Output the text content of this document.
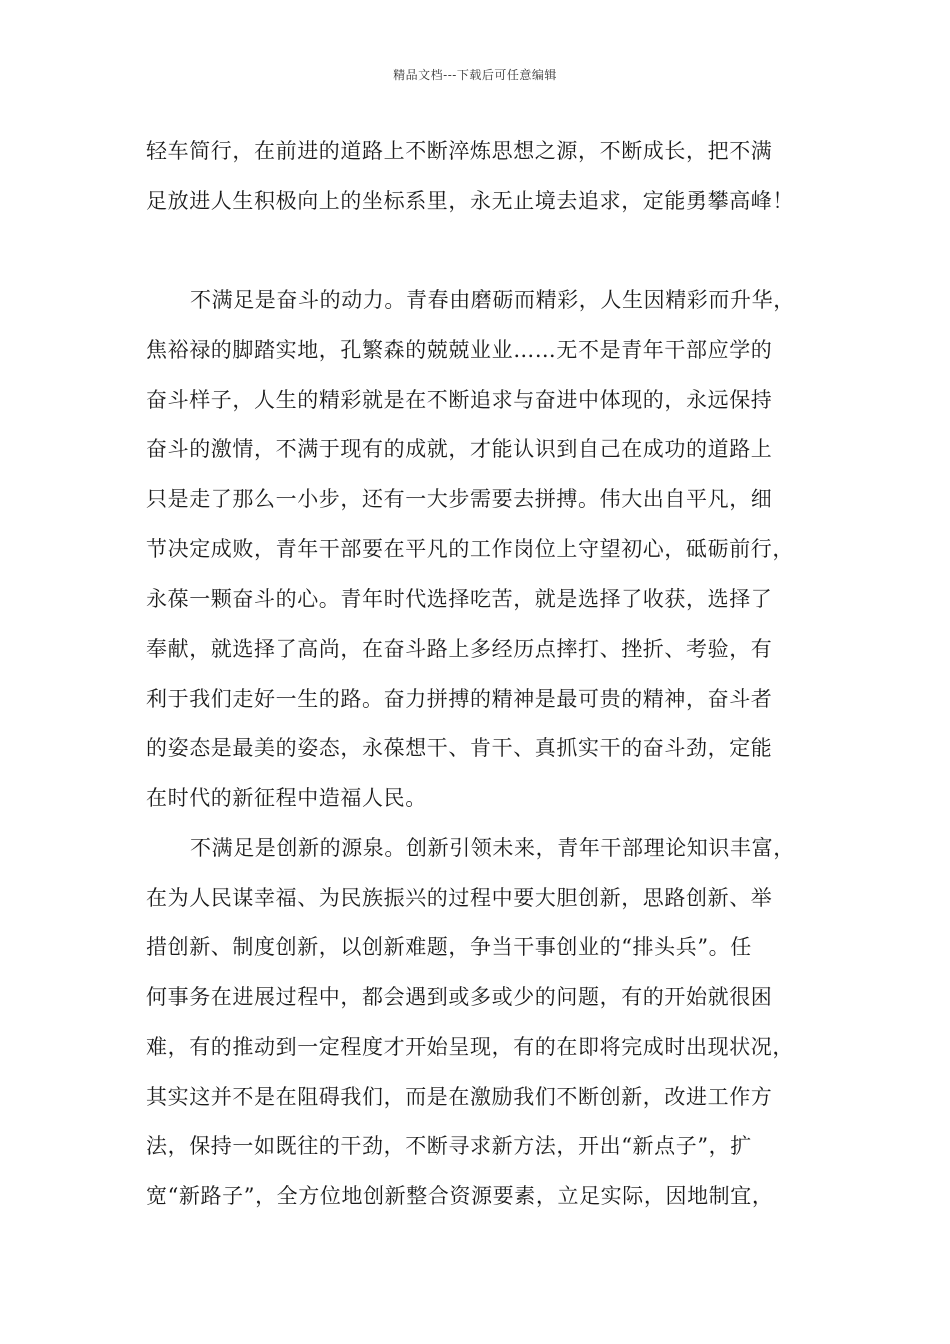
精品文档---下载后可任意编辑
轻车简行，在前进的道路上不断淬炼思想之源，不断成长，把不满
足放进人生积极向上的坐标系里，永无止境去追求，定能勇攀高峰！
不满足是奋斗的动力。青春由磨砺而精彩，人生因精彩而升华，
焦裕禄的脚踏实地，孔繁森的兢兢业业……无不是青年干部应学的
奋斗样子，人生的精彩就是在不断追求与奋进中体现的，永远保持
奋斗的激情，不满于现有的成就，才能认识到自己在成功的道路上
只是走了那么一小步，还有一大步需要去拼搏。伟大出自平凡，细
节决定成败，青年干部要在平凡的工作岗位上守望初心，砥砺前行，
永葆一颗奋斗的心。青年时代选择吃苦，就是选择了收获，选择了
奉献，就选择了高尚，在奋斗路上多经历点摔打、挫折、考验，有
利于我们走好一生的路。奋力拼搏的精神是最可贵的精神，奋斗者
的姿态是最美的姿态，永葆想干、肯干、真抓实干的奋斗劲，定能
在时代的新征程中造福人民。
不满足是创新的源泉。创新引领未来，青年干部理论知识丰富，
在为人民谋幸福、为民族振兴的过程中要大胆创新，思路创新、举
措创新、制度创新，以创新难题，争当干事创业的“排头兵”。任
何事务在进展过程中，都会遇到或多或少的问题，有的开始就很困
难，有的推动到一定程度才开始呈现，有的在即将完成时出现状况，
其实这并不是在阻碍我们，而是在激励我们不断创新，改进工作方
法，保持一如既往的干劲，不断寻求新方法，开出“新点子”，扩
宽“新路子”，全方位地创新整合资源要素，立足实际，因地制宜，
